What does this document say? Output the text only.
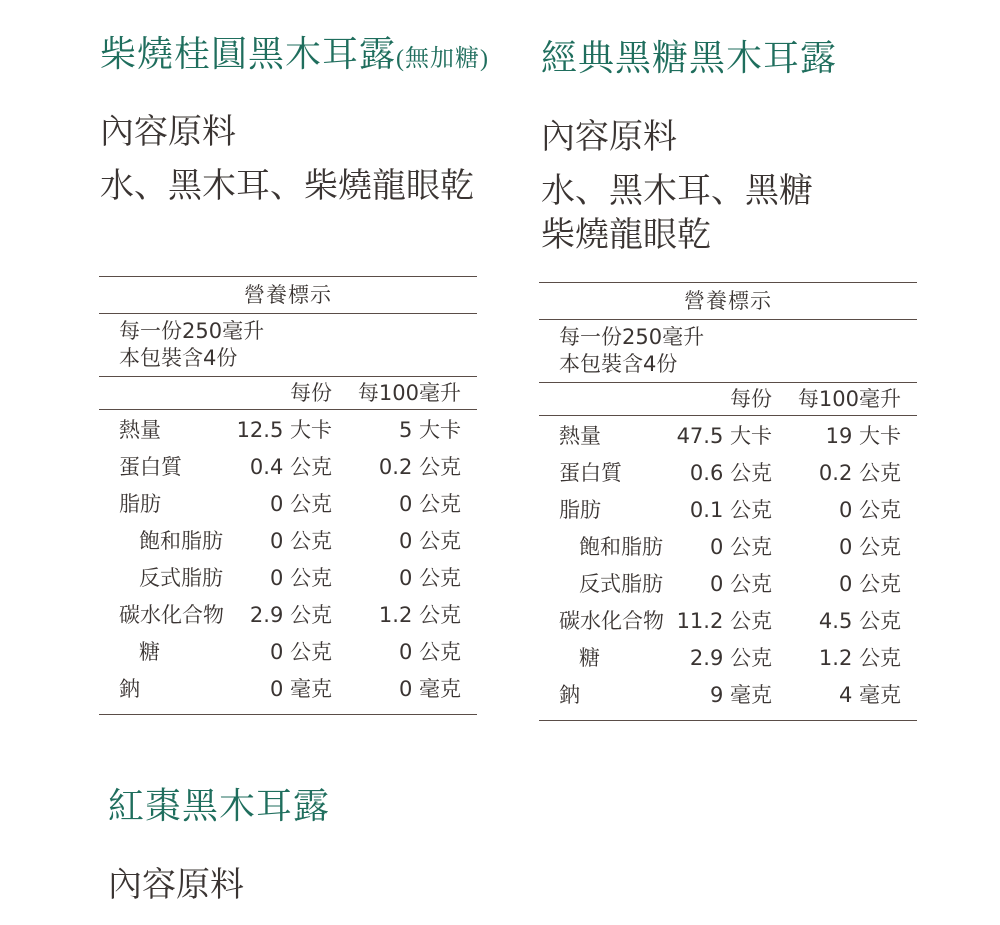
柴燒桂圓黑木耳露(無加糖)
內容原料
水、黑木耳、柴燒龍眼乾
營養標示
每一份250毫升
本包裝含4份
每份 每100毫升
熱量	12.5 大卡	5 大卡
蛋白質	0.4 公克 0.2 公克
脂肪	0 公克	0 公克
飽和脂肪 0 公克	0 公克
反式脂肪 0 公克	0 公克
碳水化合物 2.9 公克 1.2 公克
糖	0 公克	0 公克
鈉	0 毫克	0 毫克
經典黑糖黑木耳露
內容原料
水、黑木耳、黑糖
柴燒龍眼乾
營養標示
每一份250毫升
本包裝含4份
每份 每100毫升
熱量	47.5 大卡	19 大卡
蛋白質	0.6 公克 0.2 公克
脂肪	0.1 公克	0 公克
飽和脂肪 0 公克	0 公克
反式脂肪 0 公克	0 公克
碳水化合物 11.2 公克 4.5 公克
糖	2.9 公克 1.2 公克
鈉	9 毫克	4 毫克
紅棗黑木耳露
內容原料
